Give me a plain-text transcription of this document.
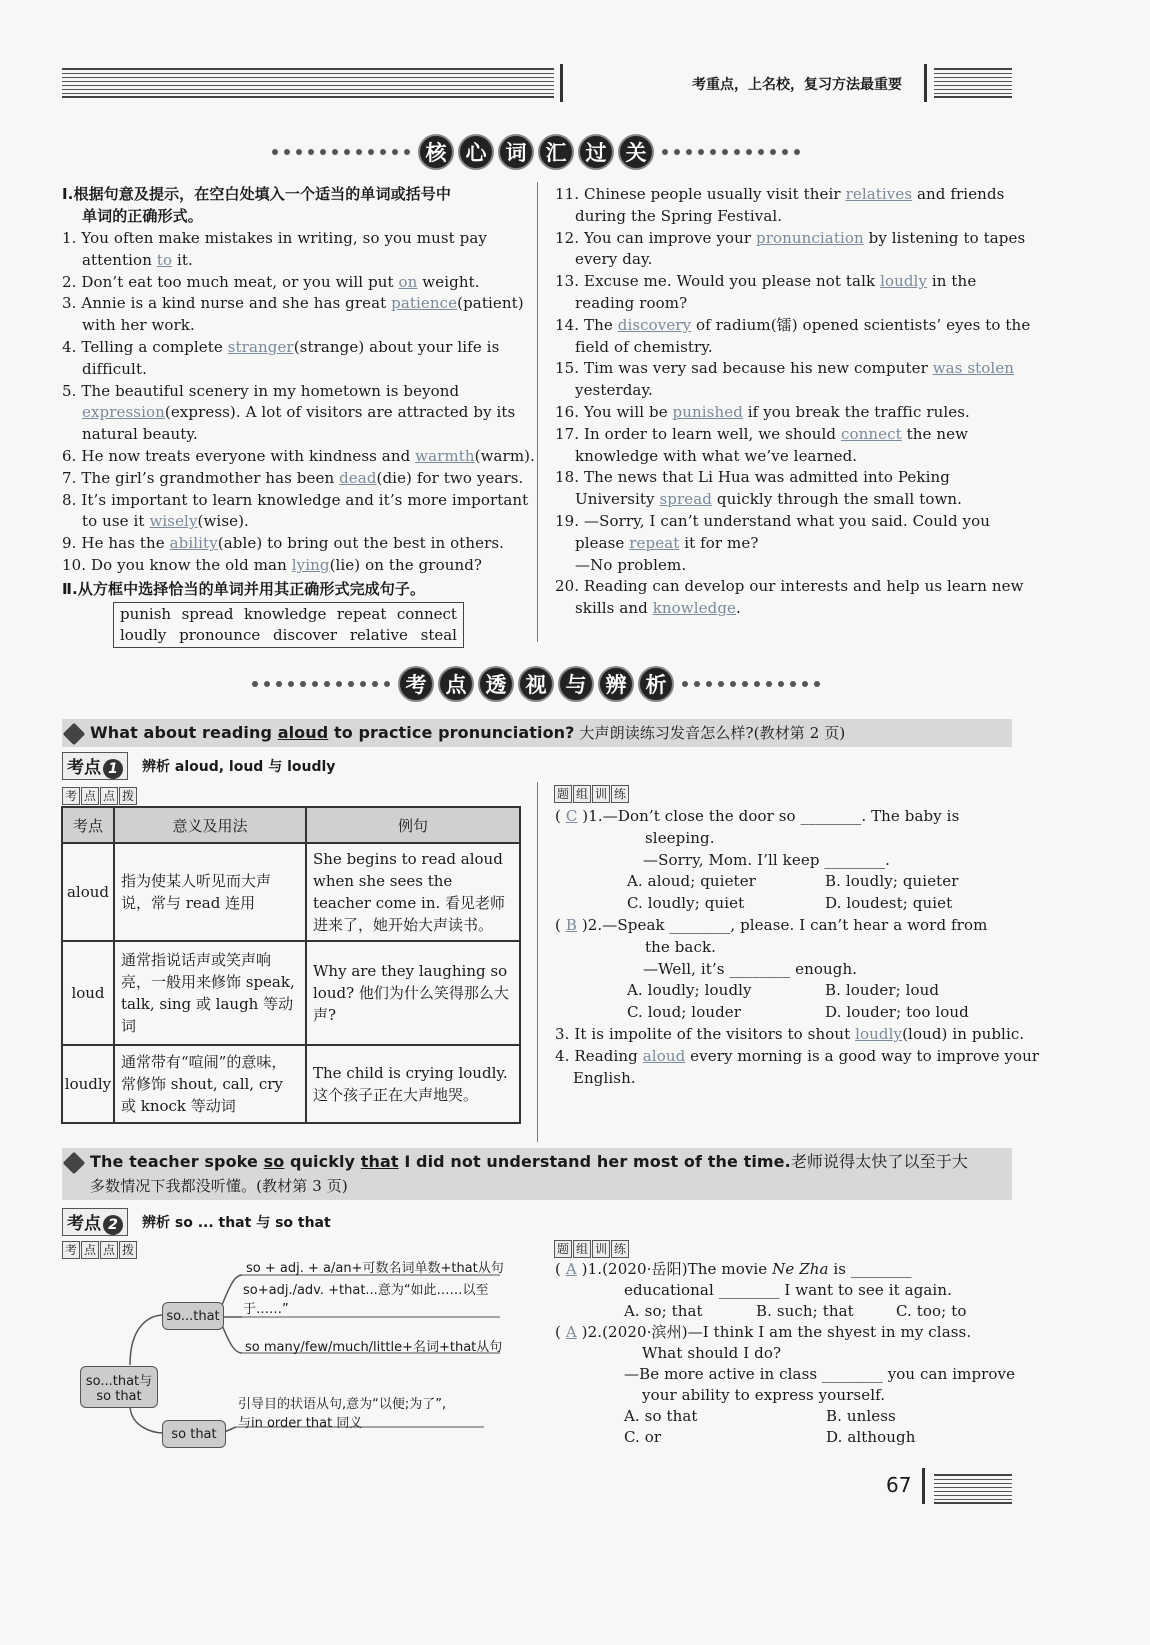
考重点，上名校，复习方法最重要
核 心 词 汇 过 关
Ⅰ.根据句意及提示，在空白处填入一个适当的单词或括号中
单词的正确形式。
1. You often make mistakes in writing, so you must pay
attention to it.
2. Don’t eat too much meat, or you will put on weight.
3. Annie is a kind nurse and she has great patience(patient)
with her work.
4. Telling a complete stranger(strange) about your life is
difficult.
5. The beautiful scenery in my hometown is beyond
expression(express). A lot of visitors are attracted by its
natural beauty.
6. He now treats everyone with kindness and warmth(warm).
7. The girl’s grandmother has been dead(die) for two years.
8. It’s important to learn knowledge and it’s more important
to use it wisely(wise).
9. He has the ability(able) to bring out the best in others.
10. Do you know the old man lying(lie) on the ground?
Ⅱ.从方框中选择恰当的单词并用其正确形式完成句子。
punish spread knowledge repeat connect
loudly pronounce discover relative steal
11. Chinese people usually visit their relatives and friends
during the Spring Festival.
12. You can improve your pronunciation by listening to tapes
every day.
13. Excuse me. Would you please not talk loudly in the
reading room?
14. The discovery of radium(镭) opened scientists’ eyes to the
field of chemistry.
15. Tim was very sad because his new computer was stolen
yesterday.
16. You will be punished if you break the traffic rules.
17. In order to learn well, we should connect the new
knowledge with what we’ve learned.
18. The news that Li Hua was admitted into Peking
University spread quickly through the small town.
19. —Sorry, I can’t understand what you said. Could you
please repeat it for me?
—No problem.
20. Reading can develop our interests and help us learn new
skills and knowledge.
考 点 透 视 与 辨 析
What about reading aloud to practice pronunciation? 大声朗读练习发音怎么样?(教材第 2 页)
考点 1	辨析 aloud, loud 与 loudly
考 点 点 拨
考点	意义及用法	例句
aloud	指为使某人听见而大声说，常与 read 连用	She begins to read aloud when she sees the teacher come in. 看见老师进来了，她开始大声读书。
loud	通常指说话声或笑声响亮，一般用来修饰 speak, talk, sing 或 laugh 等动词	Why are they laughing so loud? 他们为什么笑得那么大声?
loudly	通常带有“喧闹”的意味，常修饰 shout, call, cry 或 knock 等动词	The child is crying loudly. 这个孩子正在大声地哭。
题 组 训 练
( C )1.—Don’t close the door so ________. The baby is
sleeping.
—Sorry, Mom. I’ll keep ________.
A. aloud; quieter	B. loudly; quieter
C. loudly; quiet	D. loudest; quiet
( B )2.—Speak ________, please. I can’t hear a word from
the back.
—Well, it’s ________ enough.
A. loudly; loudly	B. louder; loud
C. loud; louder	D. louder; too loud
3. It is impolite of the visitors to shout loudly(loud) in public.
4. Reading aloud every morning is a good way to improve your
English.
The teacher spoke so quickly that I did not understand her most of the time.老师说得太快了以至于大
多数情况下我都没听懂。(教材第 3 页)
考点 2	辨析 so ... that 与 so that
考 点 点 拨
so...that与 so that
so...that
so that
so + adj. + a/an+可数名词单数+that从句
so+adj./adv. +that...意为“如此……以至
于……”
so many/few/much/little+名词+that从句
引导目的状语从句,意为“以便;为了”,
与in order that 同义
题 组 训 练
( A )1.(2020·岳阳)The movie Ne Zha is ________
educational ________ I want to see it again.
A. so; that	B. such; that	C. too; to
( A )2.(2020·滨州)—I think I am the shyest in my class.
What should I do?
—Be more active in class ________ you can improve
your ability to express yourself.
A. so that	B. unless
C. or	D. although
67
